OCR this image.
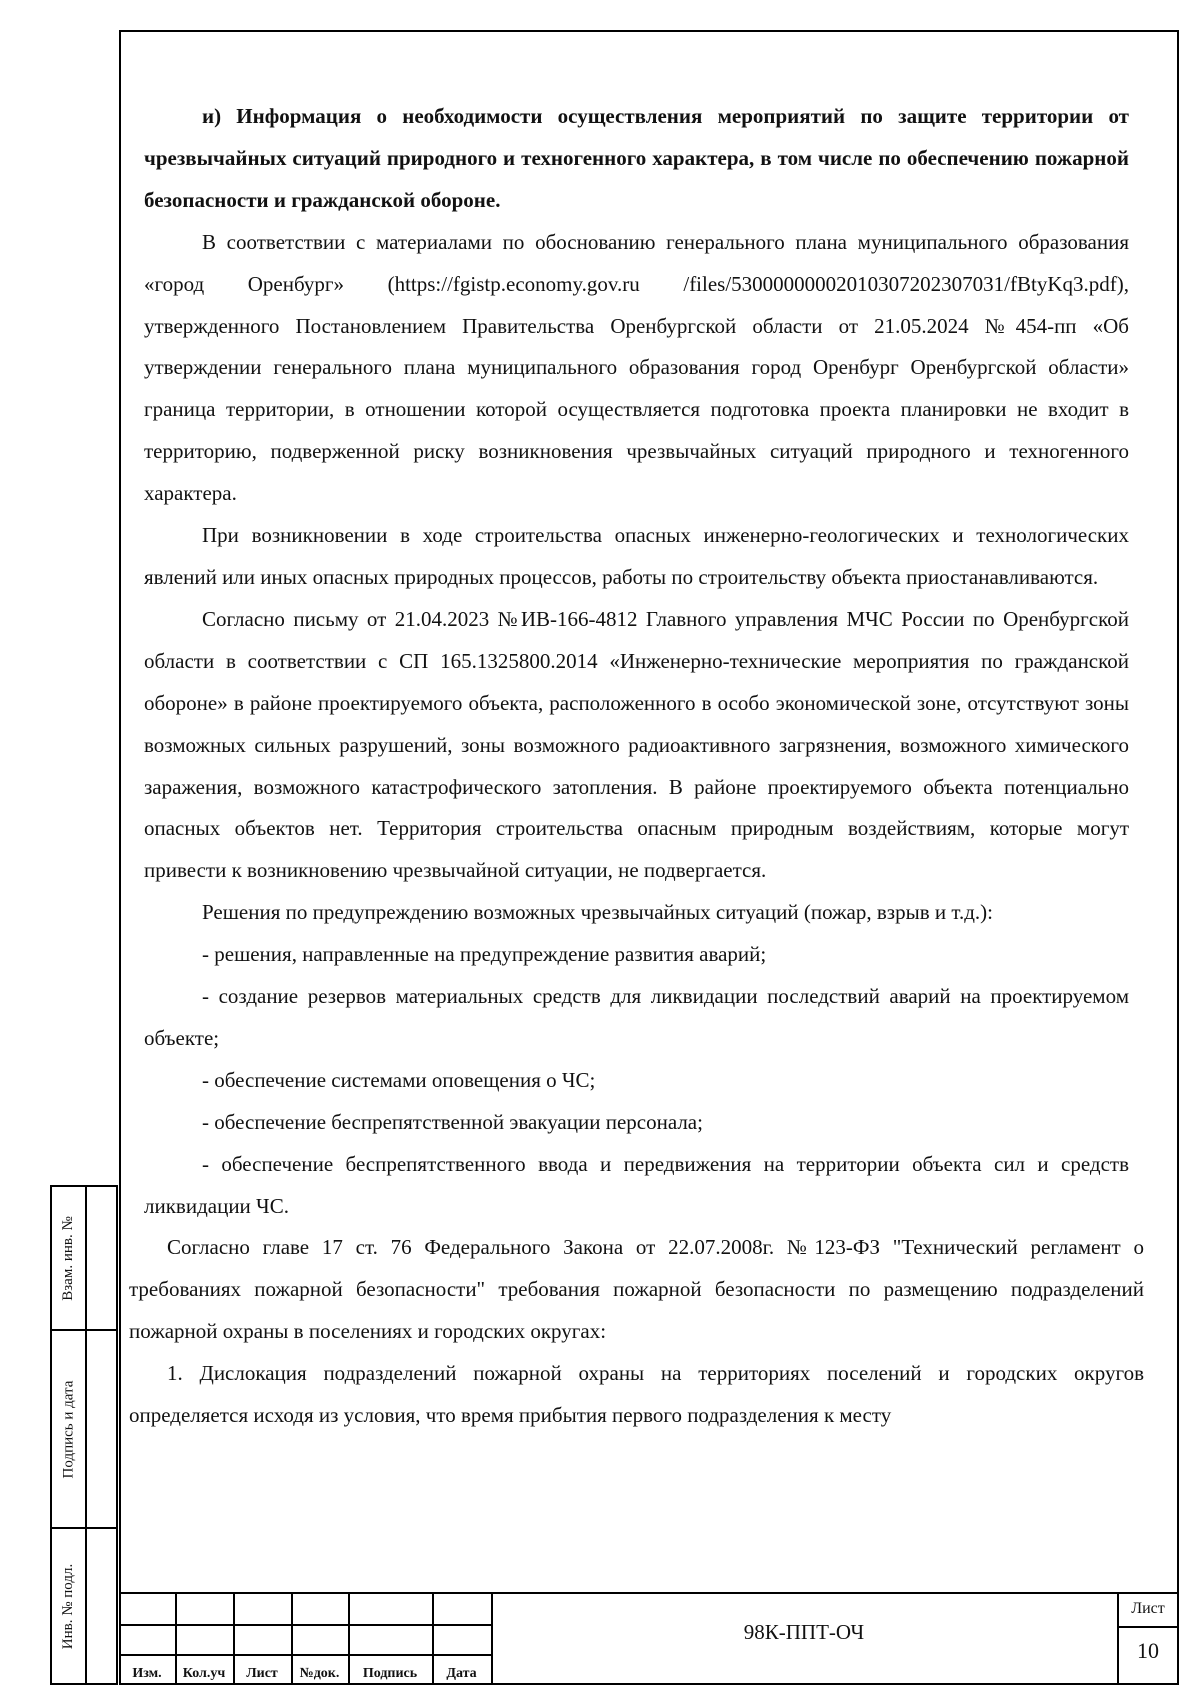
и) Информация о необходимости осуществления мероприятий по защите территории от чрезвычайных ситуаций природного и техногенного характера, в том числе по обеспечению пожарной безопасности и гражданской обороне.

В соответствии с материалами по обоснованию генерального плана муниципального образования «город Оренбург» (https://fgistp.economy.gov.ru /files/53000000002010307202307031/fBtyKq3.pdf), утвержденного Постановлением Правительства Оренбургской области от 21.05.2024 №454-пп «Об утверждении генерального плана муниципального образования город Оренбург Оренбургской области» граница территории, в отношении которой осуществляется подготовка проекта планировки не входит в территорию, подверженной риску возникновения чрезвычайных ситуаций природного и техногенного характера.

При возникновении в ходе строительства опасных инженерно-геологических и технологических явлений или иных опасных природных процессов, работы по строительству объекта приостанавливаются.

Согласно письму от 21.04.2023 №ИВ-166-4812 Главного управления МЧС России по Оренбургской области в соответствии с СП 165.1325800.2014 «Инженерно-технические мероприятия по гражданской обороне» в районе проектируемого объекта, расположенного в особо экономической зоне, отсутствуют зоны возможных сильных разрушений, зоны возможного радиоактивного загрязнения, возможного химического заражения, возможного катастрофического затопления. В районе проектируемого объекта потенциально опасных объектов нет. Территория строительства опасным природным воздействиям, которые могут привести к возникновению чрезвычайной ситуации, не подвергается.

Решения по предупреждению возможных чрезвычайных ситуаций (пожар, взрыв и т.д.):

- решения, направленные на предупреждение развития аварий;

- создание резервов материальных средств для ликвидации последствий аварий на проектируемом объекте;

- обеспечение системами оповещения о ЧС;

- обеспечение беспрепятственной эвакуации персонала;

- обеспечение беспрепятственного ввода и передвижения на территории объекта сил и средств ликвидации ЧС.

Согласно главе 17 ст. 76 Федерального Закона от 22.07.2008г. №123-ФЗ "Технический регламент о требованиях пожарной безопасности" требования пожарной безопасности по размещению подразделений пожарной охраны в поселениях и городских округах:

1. Дислокация подразделений пожарной охраны на территориях поселений и городских округов определяется исходя из условия, что время прибытия первого подразделения к месту

Взам. инв. №
Подпись и дата
Инв. № подл.
Изм.	Кол.уч	Лист	№док.	Подпись	Дата
98К-ППТ-ОЧ
Лист
10
